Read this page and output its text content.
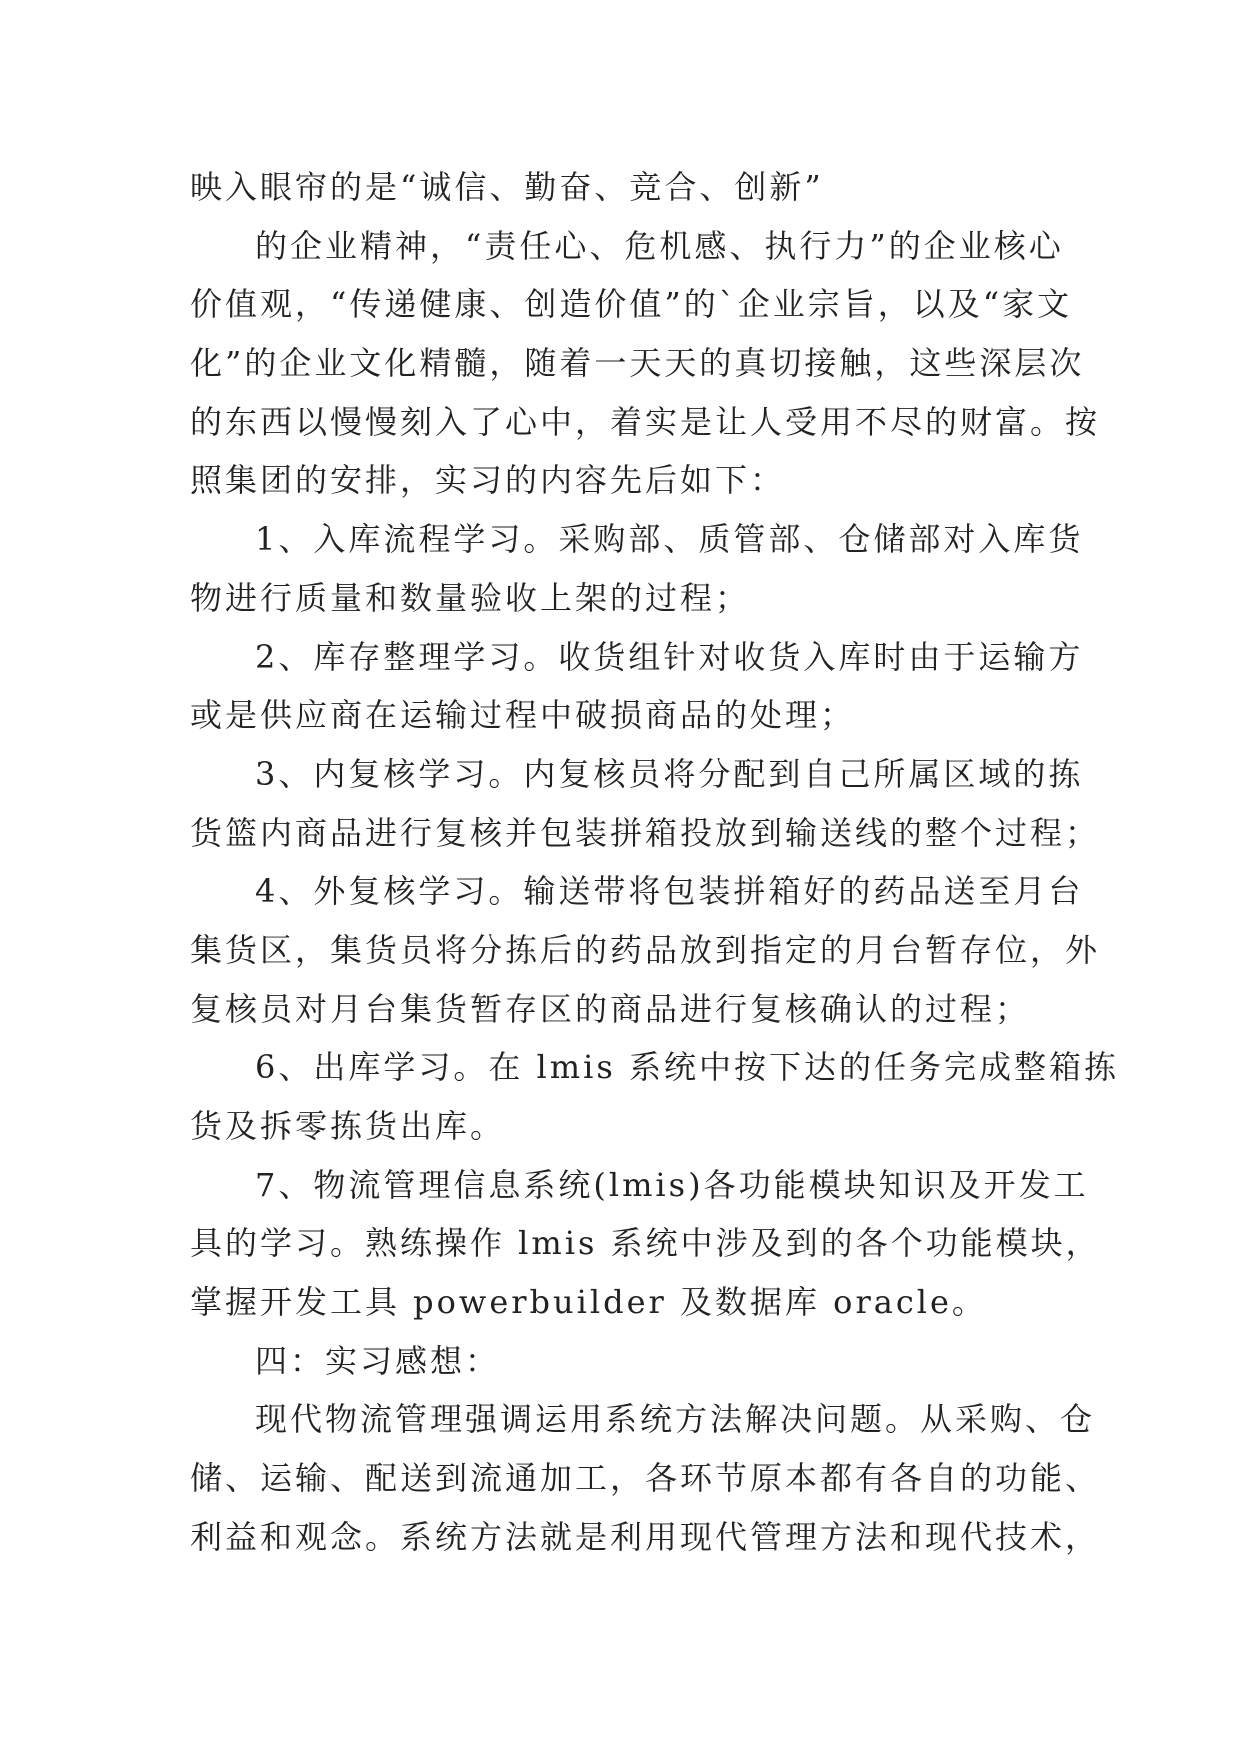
映入眼帘的是“诚信、勤奋、竞合、创新”
的企业精神，“责任心、危机感、执行力”的企业核心
价值观，“传递健康、创造价值”的`企业宗旨，以及“家文
化”的企业文化精髓，随着一天天的真切接触，这些深层次
的东西以慢慢刻入了心中，着实是让人受用不尽的财富。按
照集团的安排，实习的内容先后如下：
1、入库流程学习。采购部、质管部、仓储部对入库货
物进行质量和数量验收上架的过程；
2、库存整理学习。收货组针对收货入库时由于运输方
或是供应商在运输过程中破损商品的处理；
3、内复核学习。内复核员将分配到自己所属区域的拣
货篮内商品进行复核并包装拼箱投放到输送线的整个过程；
4、外复核学习。输送带将包装拼箱好的药品送至月台
集货区，集货员将分拣后的药品放到指定的月台暂存位，外
复核员对月台集货暂存区的商品进行复核确认的过程；
6、出库学习。在 lmis 系统中按下达的任务完成整箱拣
货及拆零拣货出库。
7、物流管理信息系统(lmis)各功能模块知识及开发工
具的学习。熟练操作 lmis 系统中涉及到的各个功能模块，
掌握开发工具 powerbuilder 及数据库 oracle。
四：实习感想：
现代物流管理强调运用系统方法解决问题。从采购、仓
储、运输、配送到流通加工，各环节原本都有各自的功能、
利益和观念。系统方法就是利用现代管理方法和现代技术，
